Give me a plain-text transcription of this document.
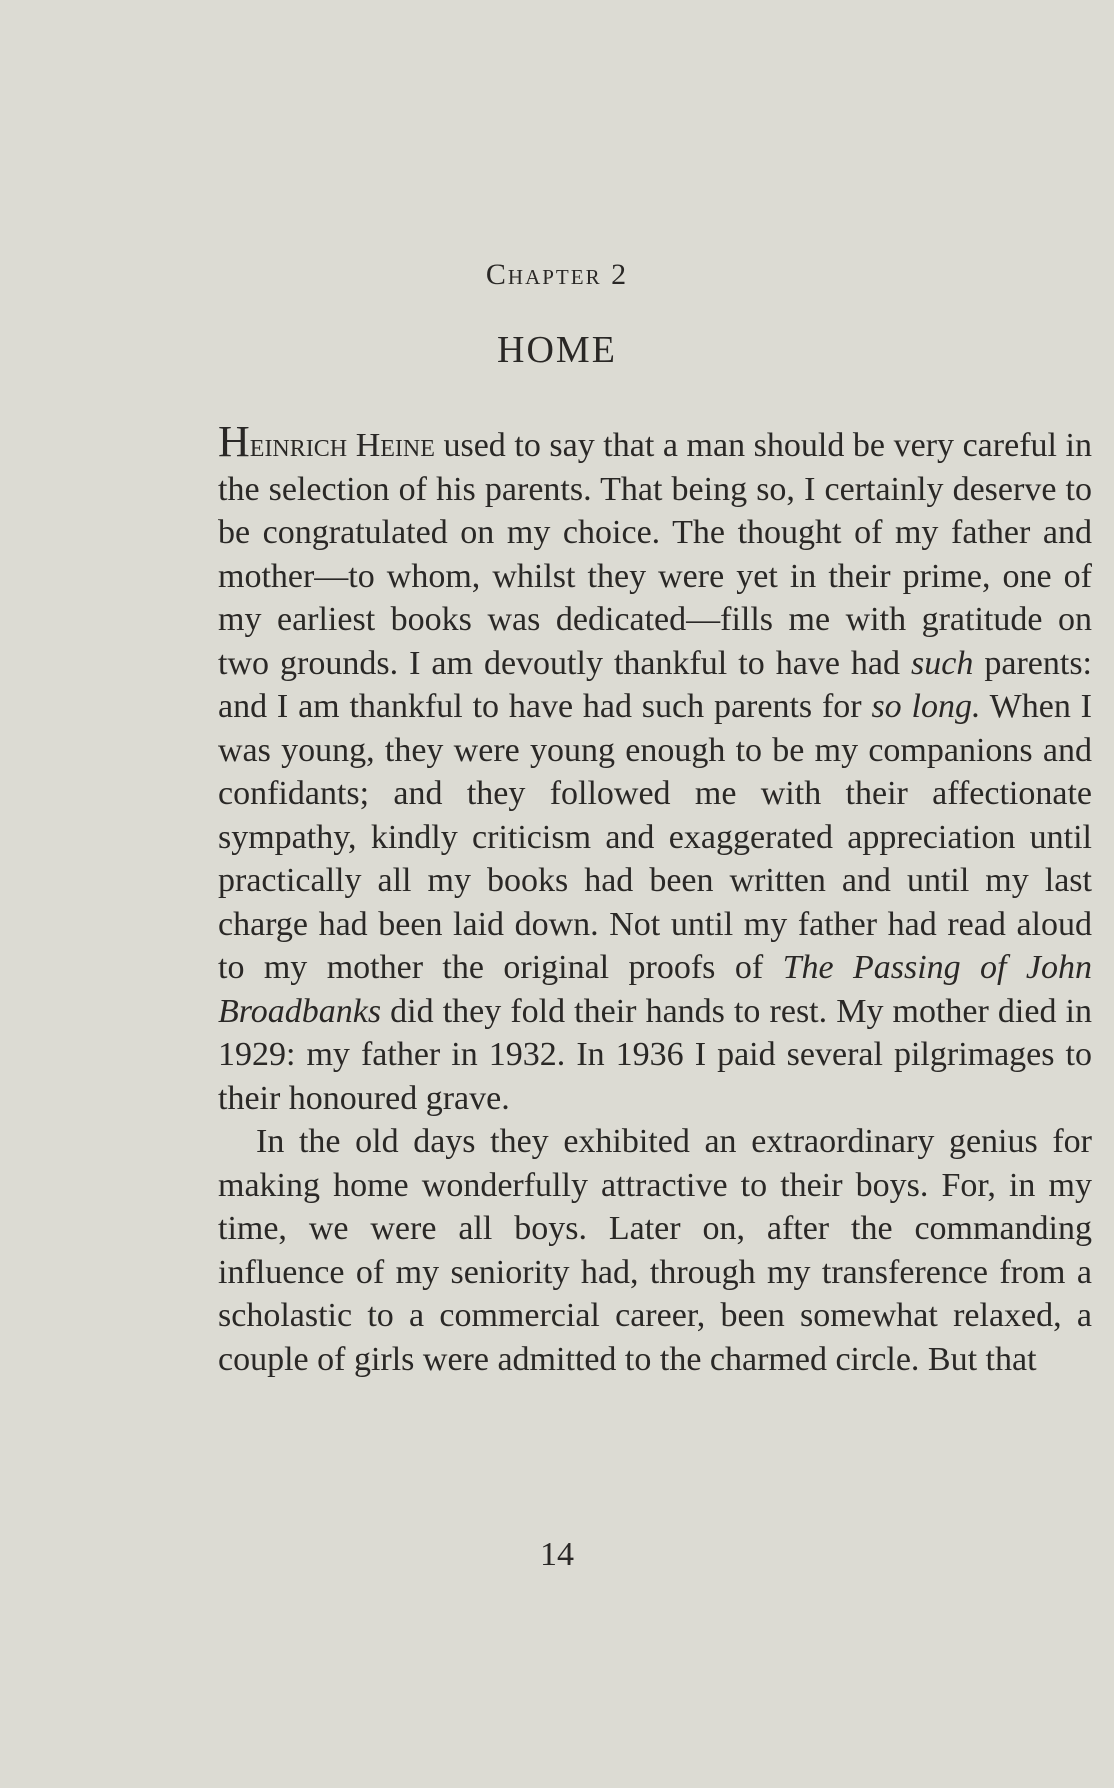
Chapter 2
HOME

Heinrich Heine used to say that a man should be very careful in the selection of his parents. That being so, I certainly deserve to be congratulated on my choice. The thought of my father and mother—to whom, whilst they were yet in their prime, one of my earliest books was dedicated—fills me with gratitude on two grounds. I am devoutly thankful to have had such parents: and I am thankful to have had such parents for so long. When I was young, they were young enough to be my companions and confidants; and they followed me with their affectionate sympathy, kindly criticism and exaggerated appreciation until practically all my books had been written and until my last charge had been laid down. Not until my father had read aloud to my mother the original proofs of The Passing of John Broadbanks did they fold their hands to rest. My mother died in 1929: my father in 1932. In 1936 I paid several pilgrimages to their honoured grave.

In the old days they exhibited an extraordinary genius for making home wonderfully attractive to their boys. For, in my time, we were all boys. Later on, after the commanding influence of my seniority had, through my transference from a scholastic to a commercial career, been somewhat relaxed, a couple of girls were admitted to the charmed circle. But that

14
